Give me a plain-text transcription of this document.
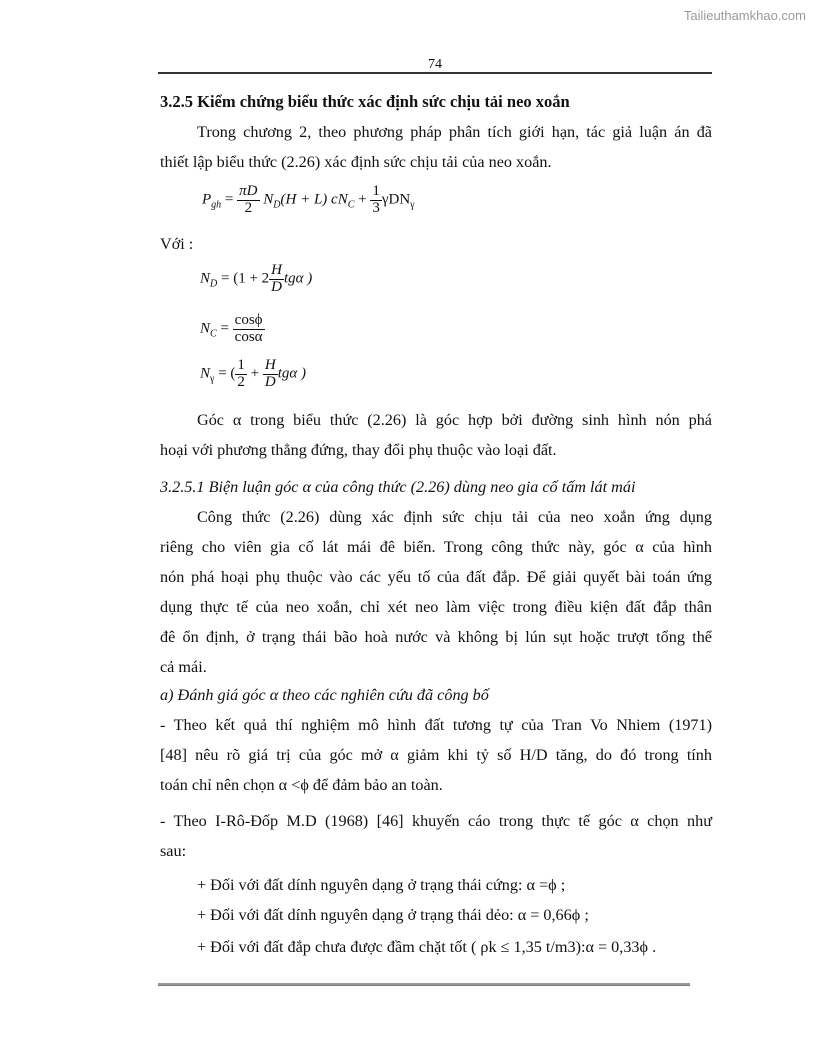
Tailieuthamkhao.com
74
3.2.5 Kiểm chứng biểu thức xác định sức chịu tải neo xoắn
Trong chương 2, theo phương pháp phân tích giới hạn, tác giả luận án đã
thiết lập biểu thức (2.26) xác định sức chịu tải của neo xoắn.
$P_{gh} = \frac{\pi D}{2} N_D(H + L) cN_C + \frac{1}{3} \gamma DN_\gamma$
Với :
$N_D = (1 + 2 \frac{H}{D}$ tgα )
$N_C = \frac{\cos\phi}{\cos\alpha}$
$N_\gamma$ = ( $\frac{1}{2} + \frac{H}{D}$ tgα )
Góc α trong biểu thức (2.26) là góc hợp bởi đường sinh hình nón phá
hoại với phương thẳng đứng, thay đổi phụ thuộc vào loại đất.
3.2.5.1 Biện luận góc α của công thức (2.26) dùng neo gia cố tấm lát mái
Công thức (2.26) dùng xác định sức chịu tải của neo xoắn ứng dụng
riêng cho viên gia cố lát mái đê biển. Trong công thức này, góc α của hình
nón phá hoại phụ thuộc vào các yếu tố của đất đắp. Để giải quyết bài toán ứng
dụng thực tế của neo xoắn, chỉ xét neo làm việc trong điều kiện đất đắp thân
đê ổn định, ở trạng thái bão hoà nước và không bị lún sụt hoặc trượt tổng thể
cả mái.
a) Đánh giá góc α theo các nghiên cứu đã công bố
- Theo kết quả thí nghiệm mô hình đất tương tự của Tran Vo Nhiem (1971)
[48] nêu rõ giá trị của góc mở α giảm khi tỷ số H/D tăng, do đó trong tính
toán chỉ nên chọn α <ϕ để đảm bảo an toàn.
- Theo I-Rô-Đốp M.D (1968) [46] khuyến cáo trong thực tế góc α chọn như
sau:
+ Đối với đất dính nguyên dạng ở trạng thái cứng: α =ϕ ;
+ Đối với đất dính nguyên dạng ở trạng thái dẻo: α = 0,66ϕ ;
+ Đối với đất đắp chưa được đầm chặt tốt ( ρk ≤ 1,35 t/m3):α = 0,33ϕ .
